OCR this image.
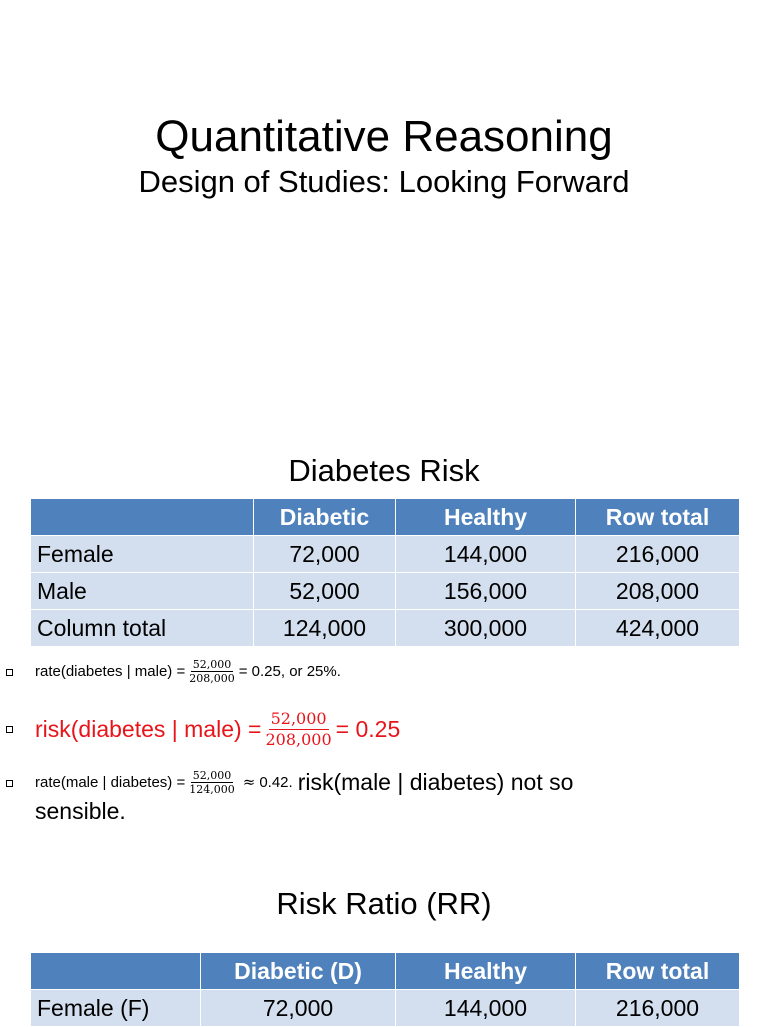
Quantitative Reasoning
Design of Studies: Looking Forward
Diabetes Risk
	Diabetic	Healthy	Row total
Female	72,000	144,000	216,000
Male	52,000	156,000	208,000
Column total	124,000	300,000	424,000
rate(diabetes | male) = $\frac{52,000}{208,000} = 0.25$, or 25%.
risk(diabetes | male) = $\frac{52,000}{208,000} = 0.25$
rate(male | diabetes) = $\frac{52,000}{124,000} \approx 0.42$. risk(male | diabetes) not so
sensible.
Risk Ratio (RR)
	Diabetic (D)	Healthy	Row total
Female (F)	72,000	144,000	216,000
